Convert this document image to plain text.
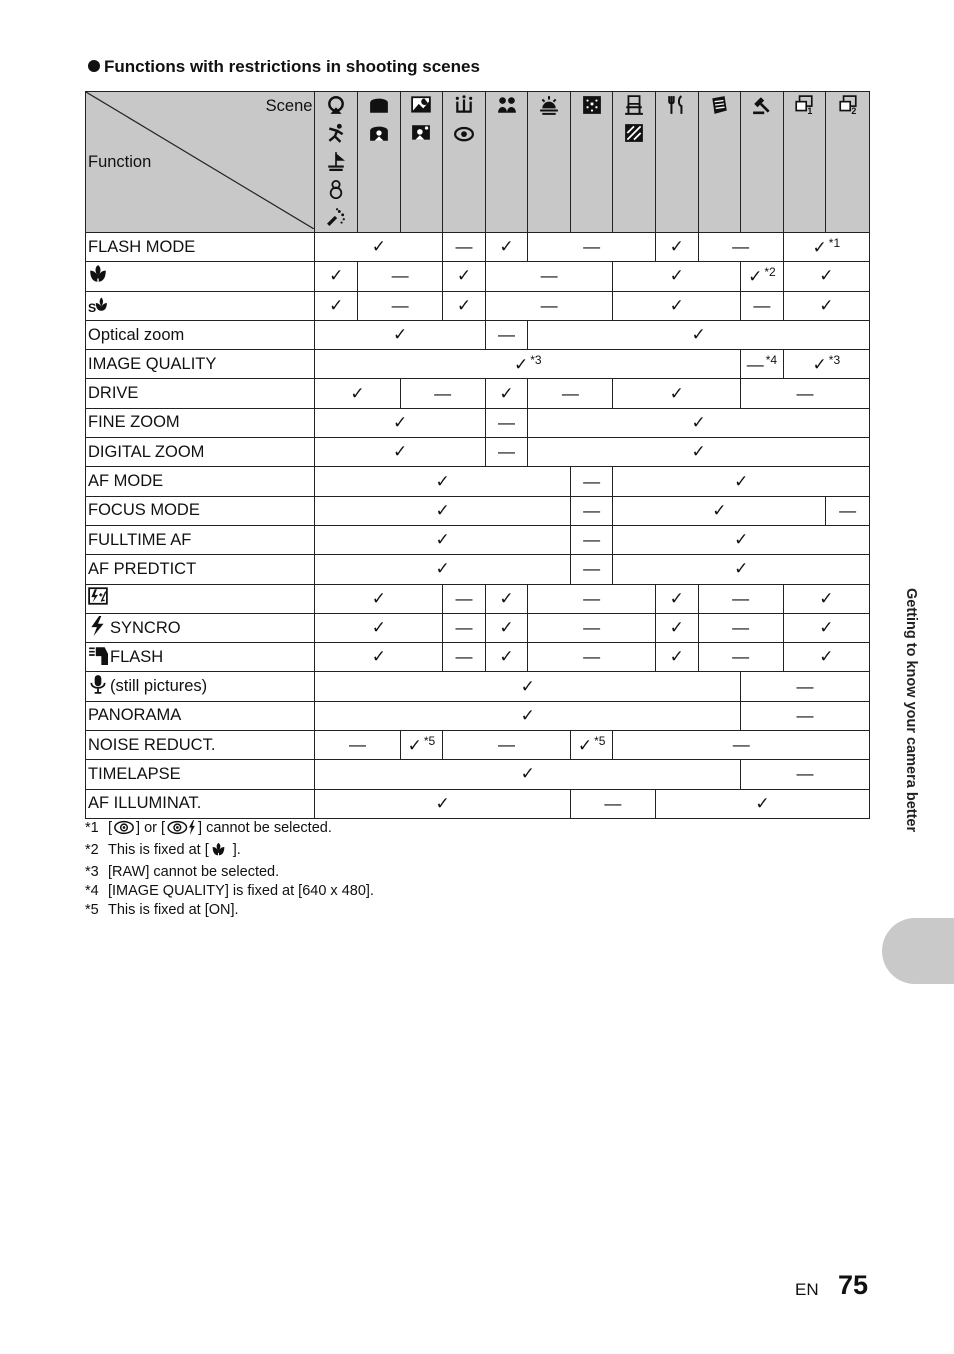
Functions with restrictions in shooting scenes
Scene
Function												1	2

FLASH MODE	✓			—	✓	—			✓	—		✓ $^{*1}$
	✓	—		✓	—			✓			✓ $^{*2}$	✓	

S	✓	—		✓	—			✓			—	✓	
Optical zoom	✓				—	✓							
IMAGE QUALITY	✓ $^{*3}$										— $^{*4}$	✓ $^{*3}$
DRIVE	✓		—		✓	—		✓			—		
FINE ZOOM	✓				—	✓							
DIGITAL ZOOM	✓				—	✓							
AF MODE	✓						—	✓					
FOCUS MODE	✓						—	✓					—
FULLTIME AF	✓						—	✓					
AF PREDTICT	✓						—	✓					
	✓			—	✓	—			✓	—		✓	
SYNCRO	✓			—	✓	—			✓	—		✓	
FLASH	✓			—	✓	—			✓	—		✓	
(still pictures)	✓										—		
PANORAMA	✓										—		
NOISE REDUCT.	—		✓ $^{*5}$	—			✓ $^{*5}$	—					
TIMELAPSE	✓										—		
AF ILLUMINAT.	✓						—		✓				
*1 [ ] or [ ] cannot be selected.
*2 This is fixed at [ ].
*3 [RAW] cannot be selected.
*4 [IMAGE QUALITY] is fixed at [640 x 480].
*5 This is fixed at [ON].
Getting to know your camera better
EN 75
